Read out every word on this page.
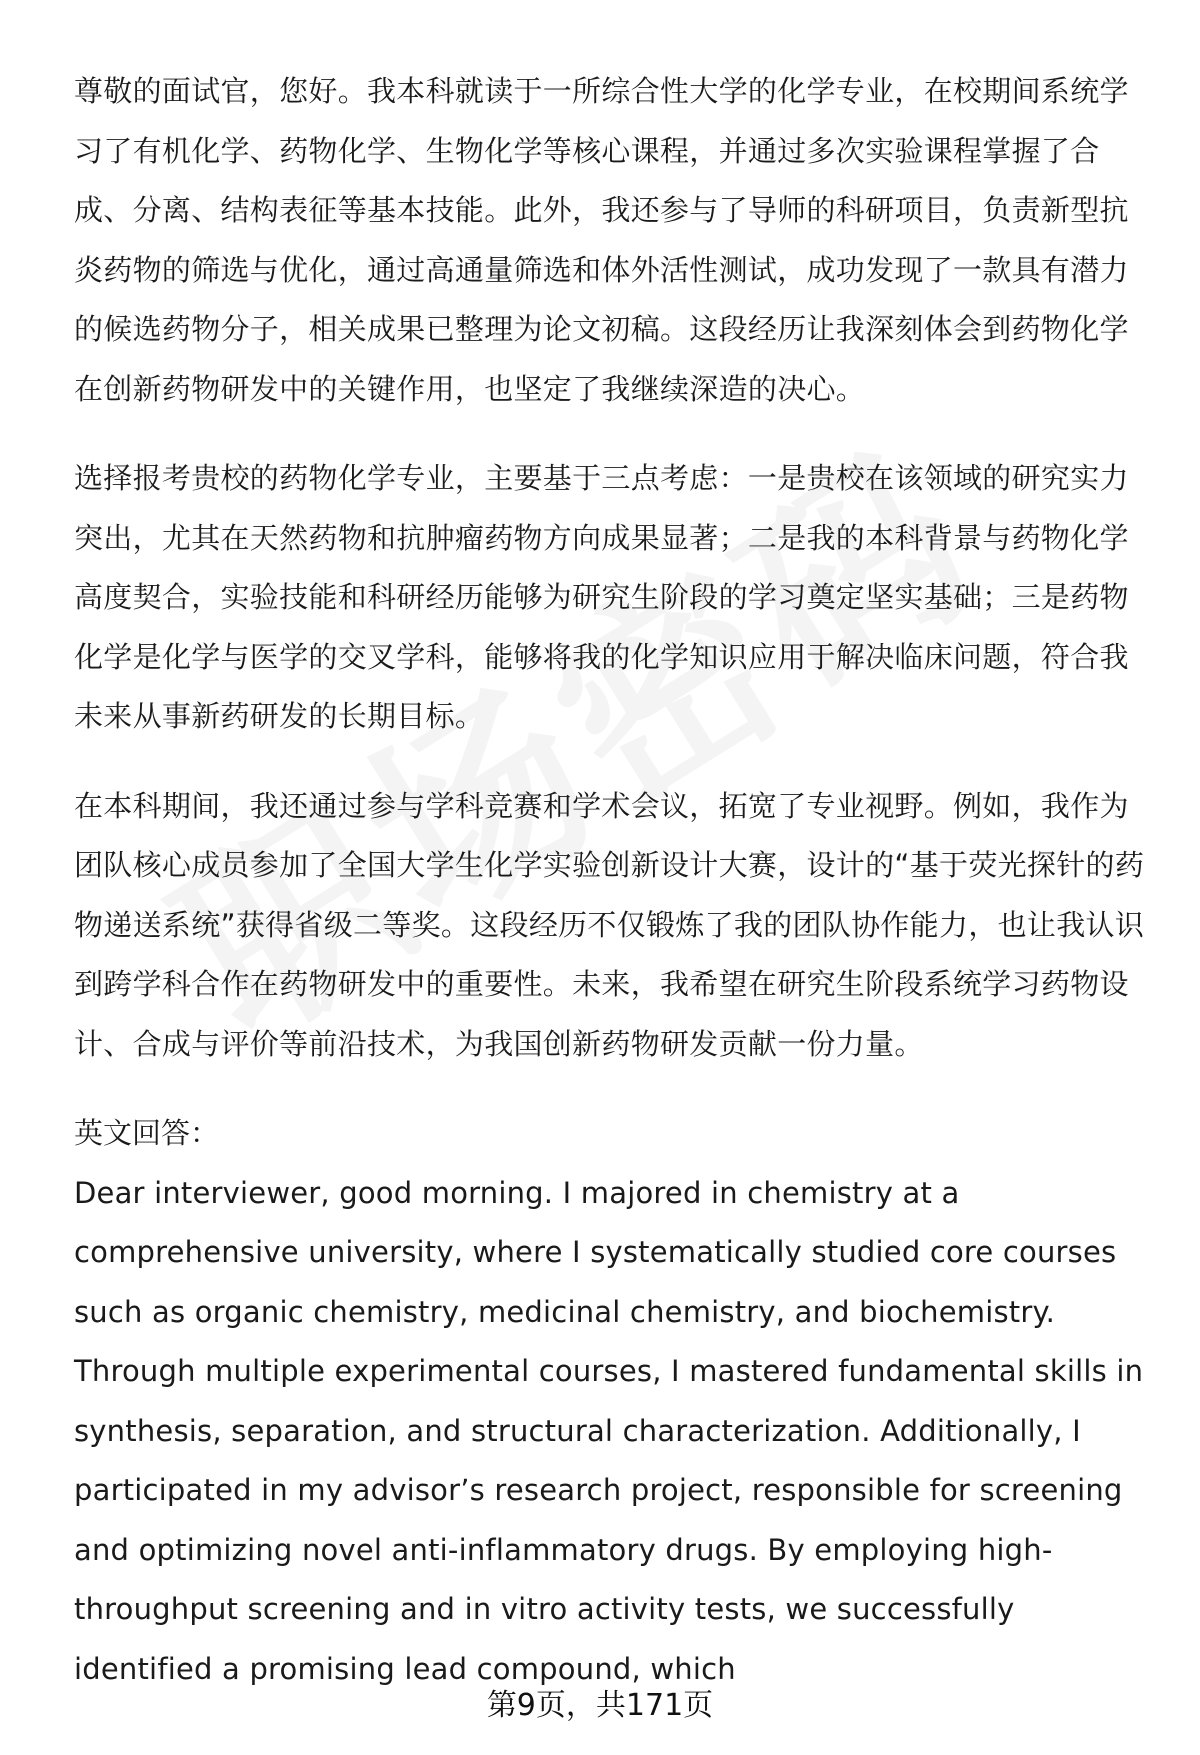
尊敬的面试官，您好。我本科就读于一所综合性大学的化学专业，在校期间系统学习了有机化学、药物化学、生物化学等核心课程，并通过多次实验课程掌握了合成、分离、结构表征等基本技能。此外，我还参与了导师的科研项目，负责新型抗炎药物的筛选与优化，通过高通量筛选和体外活性测试，成功发现了一款具有潜力的候选药物分子，相关成果已整理为论文初稿。这段经历让我深刻体会到药物化学在创新药物研发中的关键作用，也坚定了我继续深造的决心。

选择报考贵校的药物化学专业，主要基于三点考虑：一是贵校在该领域的研究实力突出，尤其在天然药物和抗肿瘤药物方向成果显著；二是我的本科背景与药物化学高度契合，实验技能和科研经历能够为研究生阶段的学习奠定坚实基础；三是药物化学是化学与医学的交叉学科，能够将我的化学知识应用于解决临床问题，符合我未来从事新药研发的长期目标。

在本科期间，我还通过参与学科竞赛和学术会议，拓宽了专业视野。例如，我作为团队核心成员参加了全国大学生化学实验创新设计大赛，设计的“基于荧光探针的药物递送系统”获得省级二等奖。这段经历不仅锻炼了我的团队协作能力，也让我认识到跨学科合作在药物研发中的重要性。未来，我希望在研究生阶段系统学习药物设计、合成与评价等前沿技术，为我国创新药物研发贡献一份力量。

英文回答：

Dear interviewer, good morning. I majored in chemistry at a comprehensive university, where I systematically studied core courses such as organic chemistry, medicinal chemistry, and biochemistry. Through multiple experimental courses, I mastered fundamental skills in synthesis, separation, and structural characterization. Additionally, I participated in my advisor’s research project, responsible for screening and optimizing novel anti-inflammatory drugs. By employing high-throughput screening and in vitro activity tests, we successfully identified a promising lead compound, which

第9页，共171页
